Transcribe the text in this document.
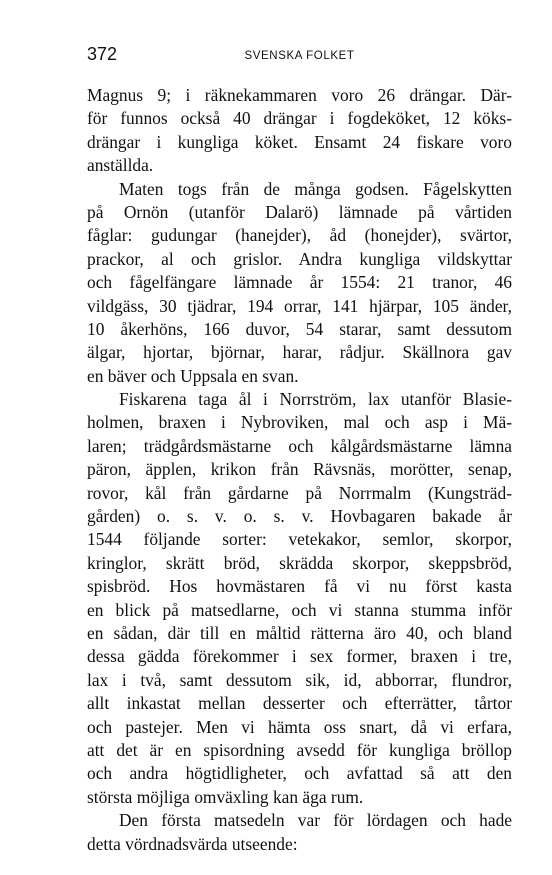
372	SVENSKA FOLKET
Magnus 9; i räknekammaren voro 26 drängar. Där-
för funnos också 40 drängar i fogdeköket, 12 köks-
drängar i kungliga köket. Ensamt 24 fiskare voro
anställda.
Maten togs från de många godsen. Fågelskytten
på Ornön (utanför Dalarö) lämnade på vårtiden
fåglar: gudungar (hanejder), åd (honejder), svärtor,
prackor, al och grislor. Andra kungliga vildskyttar
och fågelfängare lämnade år 1554: 21 tranor, 46
vildgäss, 30 tjädrar, 194 orrar, 141 hjärpar, 105 änder,
10 åkerhöns, 166 duvor, 54 starar, samt dessutom
älgar, hjortar, björnar, harar, rådjur. Skällnora gav
en bäver och Uppsala en svan.
Fiskarena taga ål i Norrström, lax utanför Blasie-
holmen, braxen i Nybroviken, mal och asp i Mä-
laren; trädgårdsmästarne och kålgårdsmästarne lämna
päron, äpplen, krikon från Rävsnäs, morötter, senap,
rovor, kål från gårdarne på Norrmalm (Kungsträd-
gården) o. s. v. o. s. v. Hovbagaren bakade år
1544 följande sorter: vetekakor, semlor, skorpor,
kringlor, skrätt bröd, skrädda skorpor, skeppsbröd,
spisbröd. Hos hovmästaren få vi nu först kasta
en blick på matsedlarne, och vi stanna stumma inför
en sådan, där till en måltid rätterna äro 40, och bland
dessa gädda förekommer i sex former, braxen i tre,
lax i två, samt dessutom sik, id, abborrar, flundror,
allt inkastat mellan desserter och efterrätter, tårtor
och pastejer. Men vi hämta oss snart, då vi erfara,
att det är en spisordning avsedd för kungliga bröllop
och andra högtidligheter, och avfattad så att den
största möjliga omväxling kan äga rum.
Den första matsedeln var för lördagen och hade
detta vördnadsvärda utseende:
